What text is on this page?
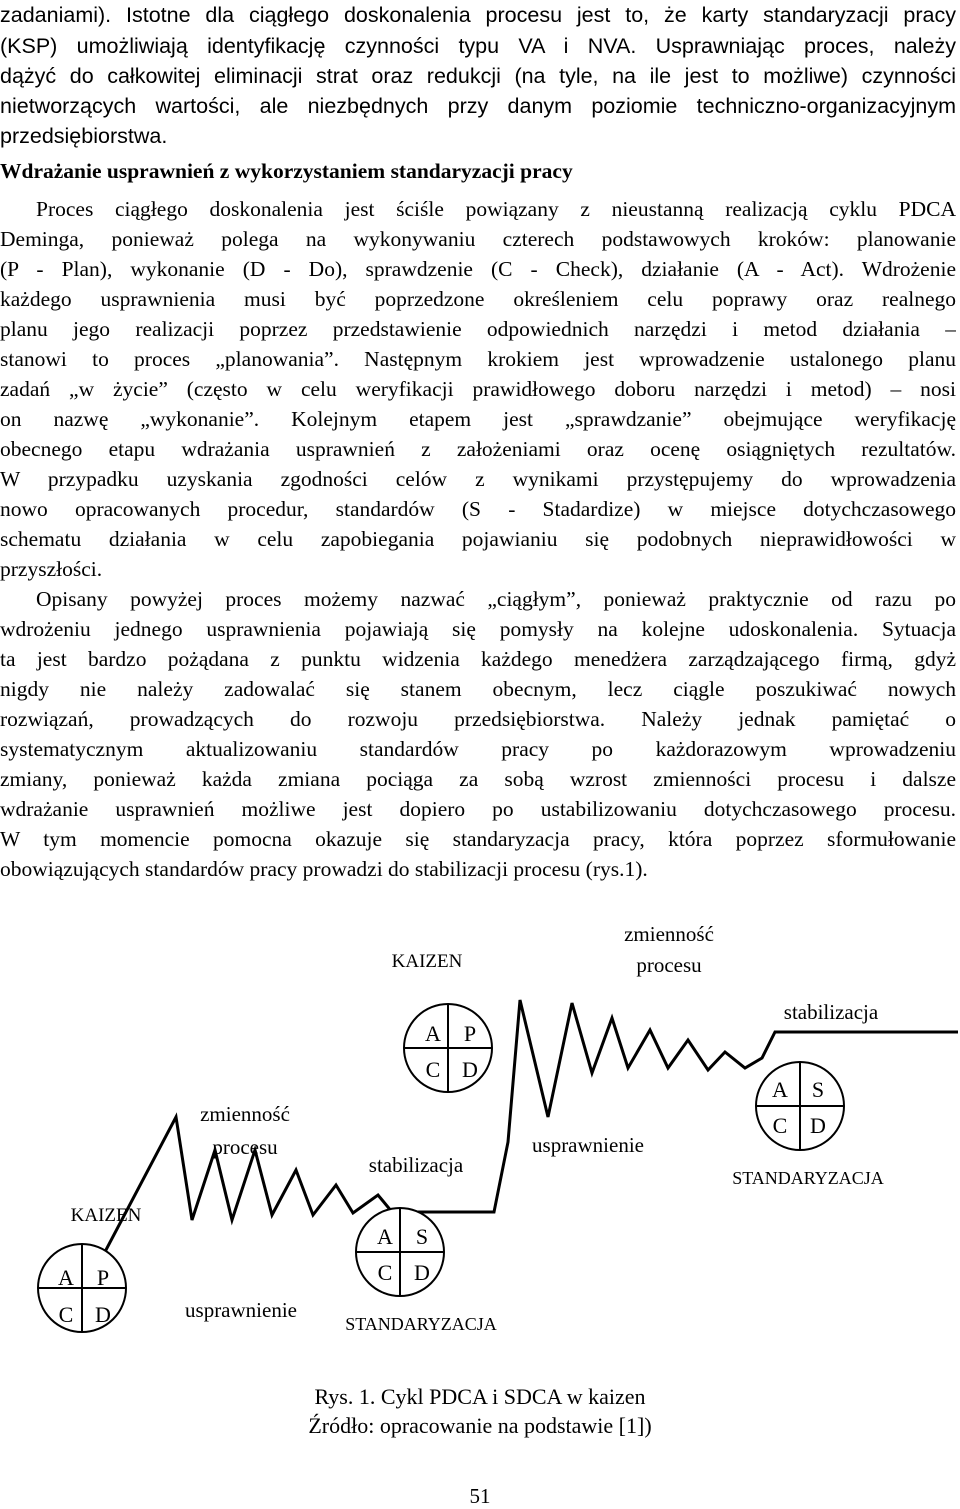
zadaniami). Istotne dla ciągłego doskonalenia procesu jest to, że karty standaryzacji pracy

(KSP) umożliwiają identyfikację czynności typu VA i NVA. Usprawniając proces, należy

dążyć do całkowitej eliminacji strat oraz redukcji (na tyle, na ile jest to możliwe) czynności

nietworzących wartości, ale niezbędnych przy danym poziomie techniczno-organizacyjnym

przedsiębiorstwa.

Wdrażanie usprawnień z wykorzystaniem standaryzacji pracy

Proces ciągłego doskonalenia jest ściśle powiązany z nieustanną realizacją cyklu PDCA

Deminga, ponieważ polega na wykonywaniu czterech podstawowych kroków: planowanie

(P - Plan), wykonanie (D - Do), sprawdzenie (C - Check), działanie (A - Act). Wdrożenie

każdego usprawnienia musi być poprzedzone określeniem celu poprawy oraz realnego

planu jego realizacji poprzez przedstawienie odpowiednich narzędzi i metod działania –

stanowi to proces „planowania”. Następnym krokiem jest wprowadzenie ustalonego planu

zadań „w życie” (często w celu weryfikacji prawidłowego doboru narzędzi i metod) – nosi

on nazwę „wykonanie”. Kolejnym etapem jest „sprawdzanie” obejmujące weryfikację

obecnego etapu wdrażania usprawnień z założeniami oraz ocenę osiągniętych rezultatów.

W przypadku uzyskania zgodności celów z wynikami przystępujemy do wprowadzenia

nowo opracowanych procedur, standardów (S - Stadardize) w miejsce dotychczasowego

schematu działania w celu zapobiegania pojawianiu się podobnych nieprawidłowości w

przyszłości.

Opisany powyżej proces możemy nazwać „ciągłym”, ponieważ praktycznie od razu po

wdrożeniu jednego usprawnienia pojawiają się pomysły na kolejne udoskonalenia. Sytuacja

ta jest bardzo pożądana z punktu widzenia każdego menedżera zarządzającego firmą, gdyż

nigdy nie należy zadowalać się stanem obecnym, lecz ciągle poszukiwać nowych

rozwiązań, prowadzących do rozwoju przedsiębiorstwa. Należy jednak pamiętać o

systematycznym aktualizowaniu standardów pracy po każdorazowym wprowadzeniu

zmiany, ponieważ każda zmiana pociąga za sobą wzrost zmienności procesu i dalsze

wdrażanie usprawnień możliwe jest dopiero po ustabilizowaniu dotychczasowego procesu.

W tym momencie pomocna okazuje się standaryzacja pracy, która poprzez sformułowanie

obowiązujących standardów pracy prowadzi do stabilizacji procesu (rys.1).

A P
C D
A S
C D
A P
C D
A S
C D
KAIZEN
KAIZEN
zmienność
procesu
zmienność
procesu
usprawnienie
usprawnienie
stabilizacja
stabilizacja
STANDARYZACJA
STANDARYZACJA
Rys. 1. Cykl PDCA i SDCA w kaizen
Źródło: opracowanie na podstawie [1])
51
